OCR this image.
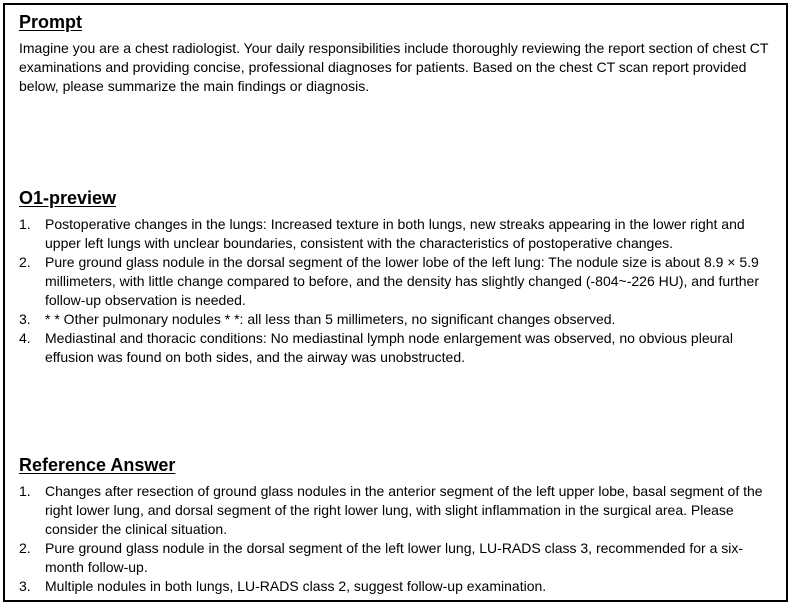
Prompt

Imagine you are a chest radiologist. Your daily responsibilities include thoroughly reviewing the report section of chest CT examinations and providing concise, professional diagnoses for patients. Based on the chest CT scan report provided below, please summarize the main findings or diagnosis.

O1-preview
1. Postoperative changes in the lungs: Increased texture in both lungs, new streaks appearing in the lower right and upper left lungs with unclear boundaries, consistent with the characteristics of postoperative changes.
2. Pure ground glass nodule in the dorsal segment of the lower lobe of the left lung: The nodule size is about 8.9 × 5.9 millimeters, with little change compared to before, and the density has slightly changed (-804~-226 HU), and further follow-up observation is needed.
3. * * Other pulmonary nodules * *: all less than 5 millimeters, no significant changes observed.
4. Mediastinal and thoracic conditions: No mediastinal lymph node enlargement was observed, no obvious pleural effusion was found on both sides, and the airway was unobstructed.
Reference Answer
1. Changes after resection of ground glass nodules in the anterior segment of the left upper lobe, basal segment of the right lower lung, and dorsal segment of the right lower lung, with slight inflammation in the surgical area. Please consider the clinical situation.
2. Pure ground glass nodule in the dorsal segment of the left lower lung, LU-RADS class 3, recommended for a six-month follow-up.
3. Multiple nodules in both lungs, LU-RADS class 2, suggest follow-up examination.
